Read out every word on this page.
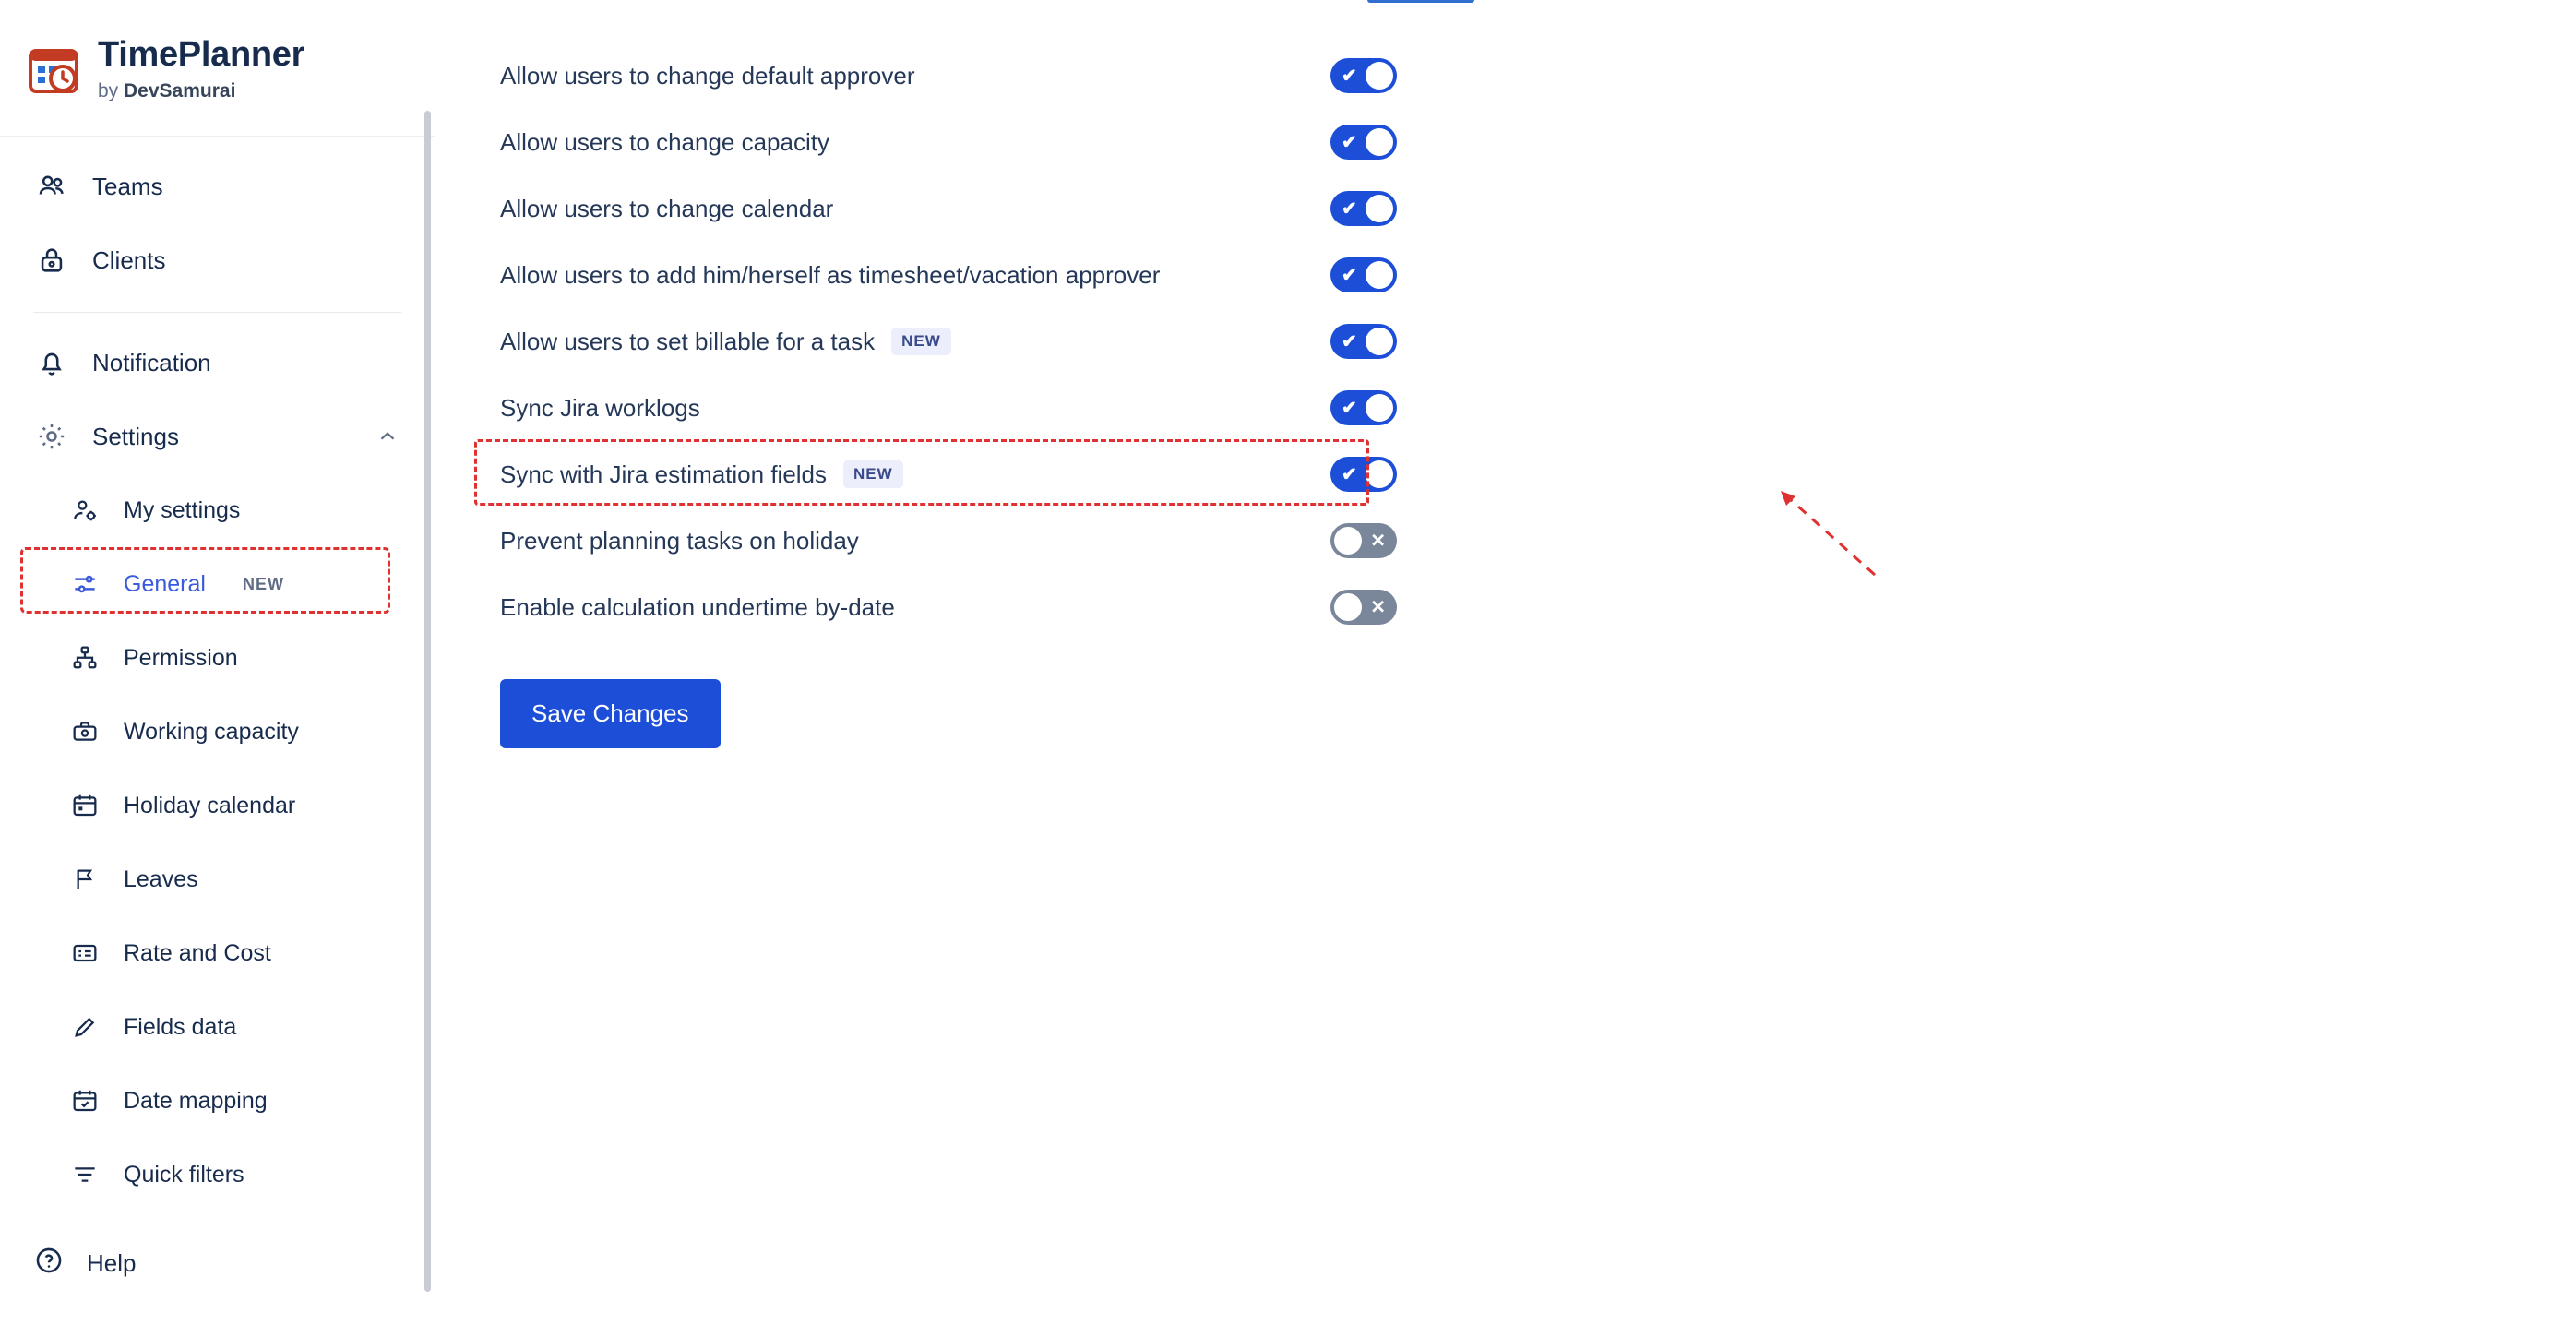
TimePlanner
by DevSamurai
Teams
Clients
Notification
Settings
My settings
General NEW
Permission
Working capacity
Holiday calendar
Leaves
Rate and Cost
Fields data
Date mapping
Quick filters
Help
Allow users to change default approver	✔
Allow users to change capacity	✔
Allow users to change calendar	✔
Allow users to add him/herself as timesheet/vacation approver	✔
Allow users to set billable for a task	NEW	✔
Sync Jira worklogs	✔
Sync with Jira estimation fields	NEW	✔
Prevent planning tasks on holiday	✕
Enable calculation undertime by-date	✕
Save Changes
